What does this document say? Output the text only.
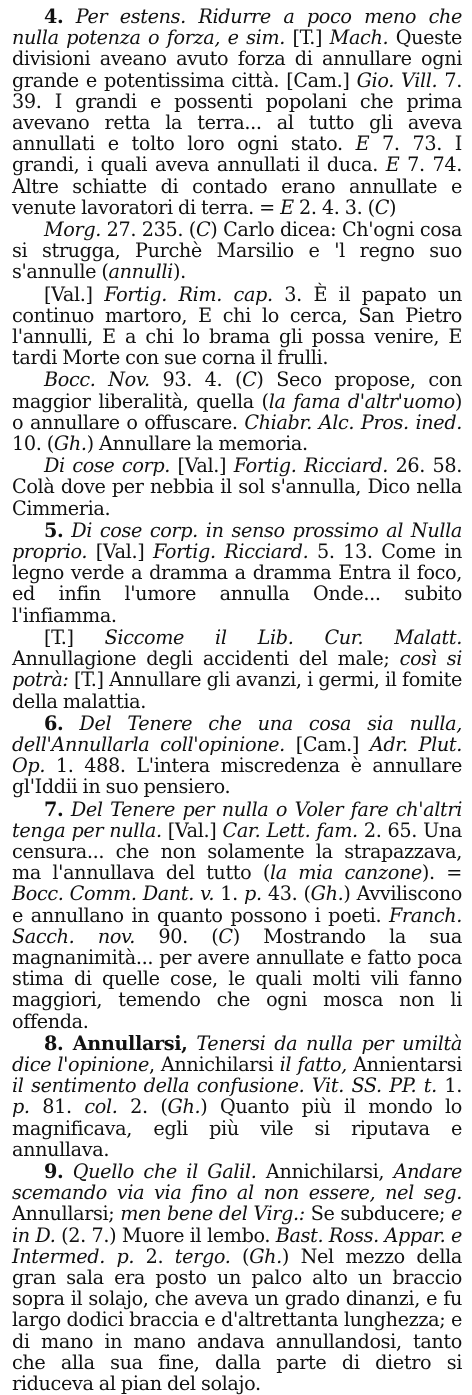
4. Per estens. Ridurre a poco meno che nulla potenza o forza, e sim. [T.] Mach. Queste divisioni aveano avuto forza di annullare ogni grande e potentissima città. [Cam.] Gio. Vill. 7. 39. I grandi e possenti popolani che prima avevano retta la terra... al tutto gli aveva annullati e tolto loro ogni stato. E 7. 73. I grandi, i quali aveva annullati il duca. E 7. 74. Altre schiatte di contado erano annullate e venute lavoratori di terra. = E 2. 4. 3. (C)

Morg. 27. 235. (C) Carlo dicea: Ch'ogni cosa si strugga, Purchè Marsilio e 'l regno suo s'annulle (annulli).

[Val.] Fortig. Rim. cap. 3. È il papato un continuo martoro, E chi lo cerca, San Pietro l'annulli, E a chi lo brama gli possa venire, E tardi Morte con sue corna il frulli.

Bocc. Nov. 93. 4. (C) Seco propose, con maggior liberalità, quella (la fama d'altr'uomo) o annullare o offuscare. Chiabr. Alc. Pros. ined. 10. (Gh.) Annullare la memoria.

Di cose corp. [Val.] Fortig. Ricciard. 26. 58. Colà dove per nebbia il sol s'annulla, Dico nella Cimmeria.

5. Di cose corp. in senso prossimo al Nulla proprio. [Val.] Fortig. Ricciard. 5. 13. Come in legno verde a dramma a dramma Entra il foco, ed infin l'umore annulla Onde... subito l'infiamma.

[T.] Siccome il Lib. Cur. Malatt. Annullagione degli accidenti del male; così si potrà: [T.] Annullare gli avanzi, i germi, il fomite della malattia.

6. Del Tenere che una cosa sia nulla, dell'Annullarla coll'opinione. [Cam.] Adr. Plut. Op. 1. 488. L'intera miscredenza è annullare gl'Iddii in suo pensiero.

7. Del Tenere per nulla o Voler fare ch'altri tenga per nulla. [Val.] Car. Lett. fam. 2. 65. Una censura... che non solamente la strapazzava, ma l'annullava del tutto (la mia canzone). = Bocc. Comm. Dant. v. 1. p. 43. (Gh.) Avviliscono e annullano in quanto possono i poeti. Franch. Sacch. nov. 90. (C) Mostrando la sua magnanimità... per avere annullate e fatto poca stima di quelle cose, le quali molti vili fanno maggiori, temendo che ogni mosca non li offenda.

8. Annullarsi, Tenersi da nulla per umiltà dice l'opinione, Annichilarsi il fatto, Annientarsi il sentimento della confusione. Vit. SS. PP. t. 1. p. 81. col. 2. (Gh.) Quanto più il mondo lo magnificava, egli più vile si riputava e annullava.

9. Quello che il Galil. Annichilarsi, Andare scemando via via fino al non essere, nel seg. Annullarsi; men bene del Virg.: Se subducere; e in D. (2. 7.) Muore il lembo. Bast. Ross. Appar. e Intermed. p. 2. tergo. (Gh.) Nel mezzo della gran sala era posto un palco alto un braccio sopra il solajo, che aveva un grado dinanzi, e fu largo dodici braccia e d'altrettanta lunghezza; e di mano in mano andava annullandosi, tanto che alla sua fine, dalla parte di dietro si riduceva al pian del solajo.
